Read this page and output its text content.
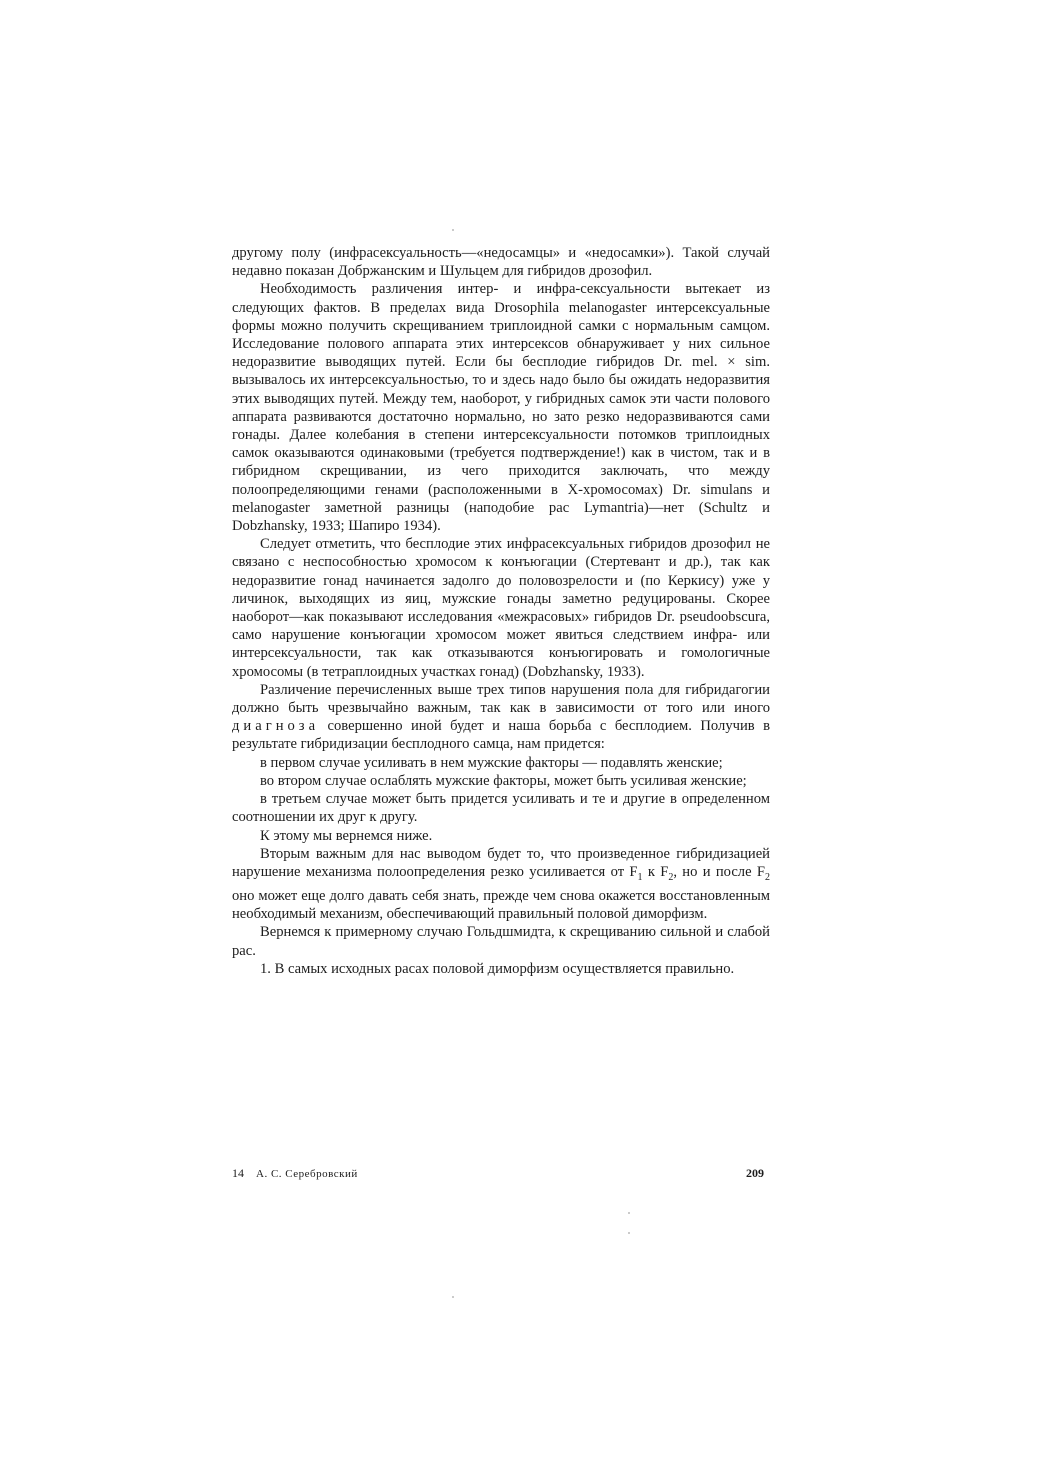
другому полу (инфрасексуальность—«недосамцы» и «недосамки»). Такой случай недавно показан Добржанским и Шульцем для гибридов дрозофил.

Необходимость различения интер- и инфра-сексуальности вытекает из следующих фактов. В пределах вида Drosophila melanogaster интерсексуальные формы можно получить скрещиванием триплоидной самки с нормальным самцом. Исследование полового аппарата этих интерсексов обнаруживает у них сильное недоразвитие выводящих путей. Если бы бесплодие гибридов Dr. mel. × sim. вызывалось их интерсексуальностью, то и здесь надо было бы ожидать недоразвития этих выводящих путей. Между тем, наоборот, у гибридных самок эти части полового аппарата развиваются достаточно нормально, но зато резко недоразвиваются сами гонады. Далее колебания в степени интерсексуальности потомков триплоидных самок оказываются одинаковыми (требуется подтверждение!) как в чистом, так и в гибридном скрещивании, из чего приходится заключать, что между полоопределяющими генами (расположенными в Х-хромосомах) Dr. simulans и melanogaster заметной разницы (наподобие рас Lymantria)—нет (Schultz и Dobzhansky, 1933; Шапиро 1934).

Следует отметить, что бесплодие этих инфрасексуальных гибридов дрозофил не связано с неспособностью хромосом к конъюгации (Стертевант и др.), так как недоразвитие гонад начинается задолго до половозрелости и (по Керкису) уже у личинок, выходящих из яиц, мужские гонады заметно редуцированы. Скорее наоборот—как показывают исследования «межрасовых» гибридов Dr. pseudoobscura, само нарушение конъюгации хромосом может явиться следствием инфра- или интерсексуальности, так как отказываются конъюгировать и гомологичные хромосомы (в тетраплоидных участках гонад) (Dobzhansky, 1933).

Различение перечисленных выше трех типов нарушения пола для гибридагогии должно быть чрезвычайно важным, так как в зависимости от того или иного диагноза совершенно иной будет и наша борьба с бесплодием. Получив в результате гибридизации бесплодного самца, нам придется:

в первом случае усиливать в нем мужские факторы — подавлять женские;

во втором случае ослаблять мужские факторы, может быть усиливая женские;

в третьем случае может быть придется усиливать и те и другие в определенном соотношении их друг к другу.

К этому мы вернемся ниже.

Вторым важным для нас выводом будет то, что произведенное гибридизацией нарушение механизма полоопределения резко усиливается от $F_1$ к $F_2$, но и после $F_2$ оно может еще долго давать себя знать, прежде чем снова окажется восстановленным необходимый механизм, обеспечивающий правильный половой диморфизм.

Вернемся к примерному случаю Гольдшмидта, к скрещиванию сильной и слабой рас.

1. В самых исходных расах половой диморфизм осуществляется правильно.

14 А. С. Серебровский	209
